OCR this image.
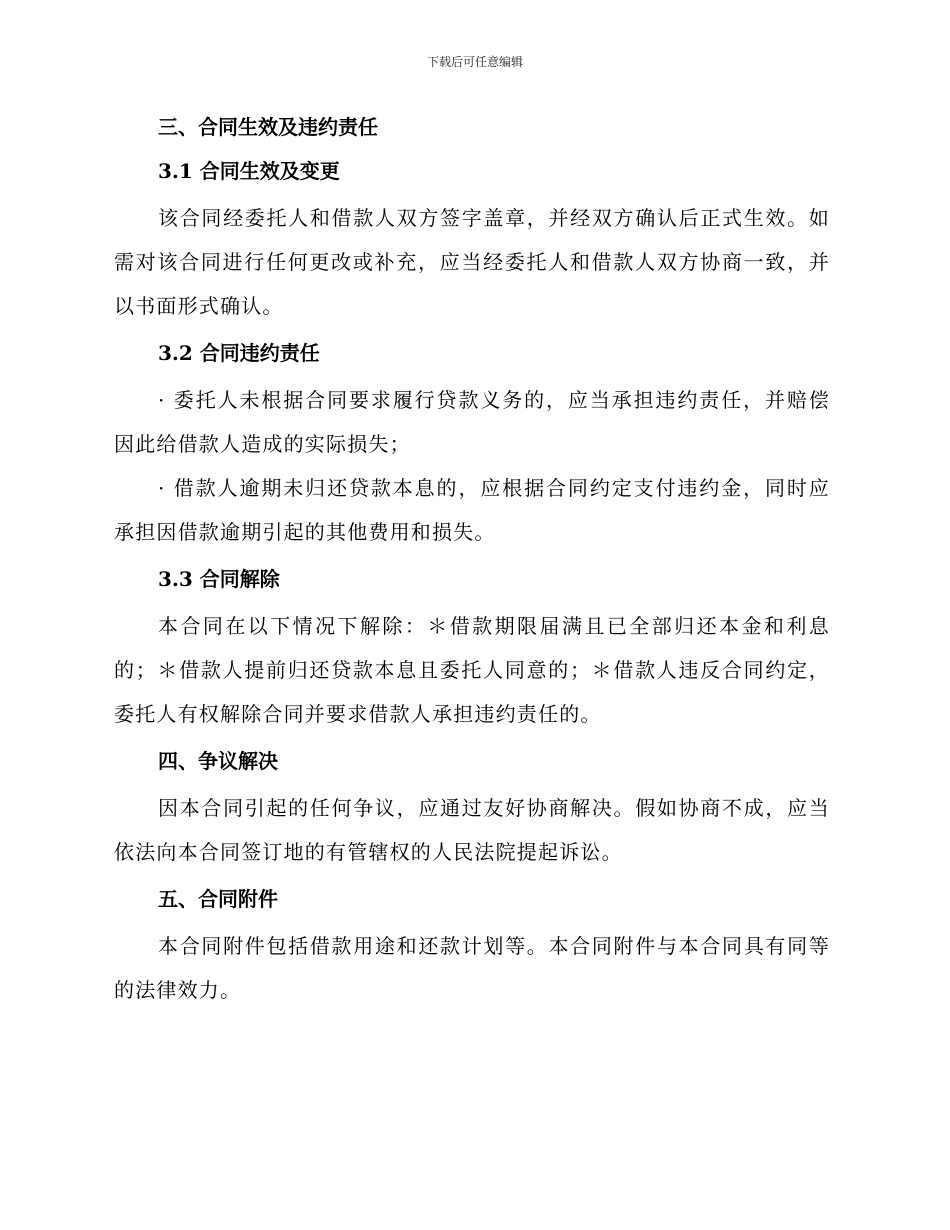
下载后可任意编辑
三、合同生效及违约责任
3.1 合同生效及变更

该合同经委托人和借款人双方签字盖章，并经双方确认后正式生效。如需对该合同进行任何更改或补充，应当经委托人和借款人双方协商一致，并以书面形式确认。

3.2 合同违约责任

· 委托人未根据合同要求履行贷款义务的，应当承担违约责任，并赔偿因此给借款人造成的实际损失；

· 借款人逾期未归还贷款本息的，应根据合同约定支付违约金，同时应承担因借款逾期引起的其他费用和损失。

3.3 合同解除

本合同在以下情况下解除：＊借款期限届满且已全部归还本金和利息的；＊借款人提前归还贷款本息且委托人同意的；＊借款人违反合同约定，委托人有权解除合同并要求借款人承担违约责任的。

四、争议解决

因本合同引起的任何争议，应通过友好协商解决。假如协商不成，应当依法向本合同签订地的有管辖权的人民法院提起诉讼。

五、合同附件

本合同附件包括借款用途和还款计划等。本合同附件与本合同具有同等的法律效力。
